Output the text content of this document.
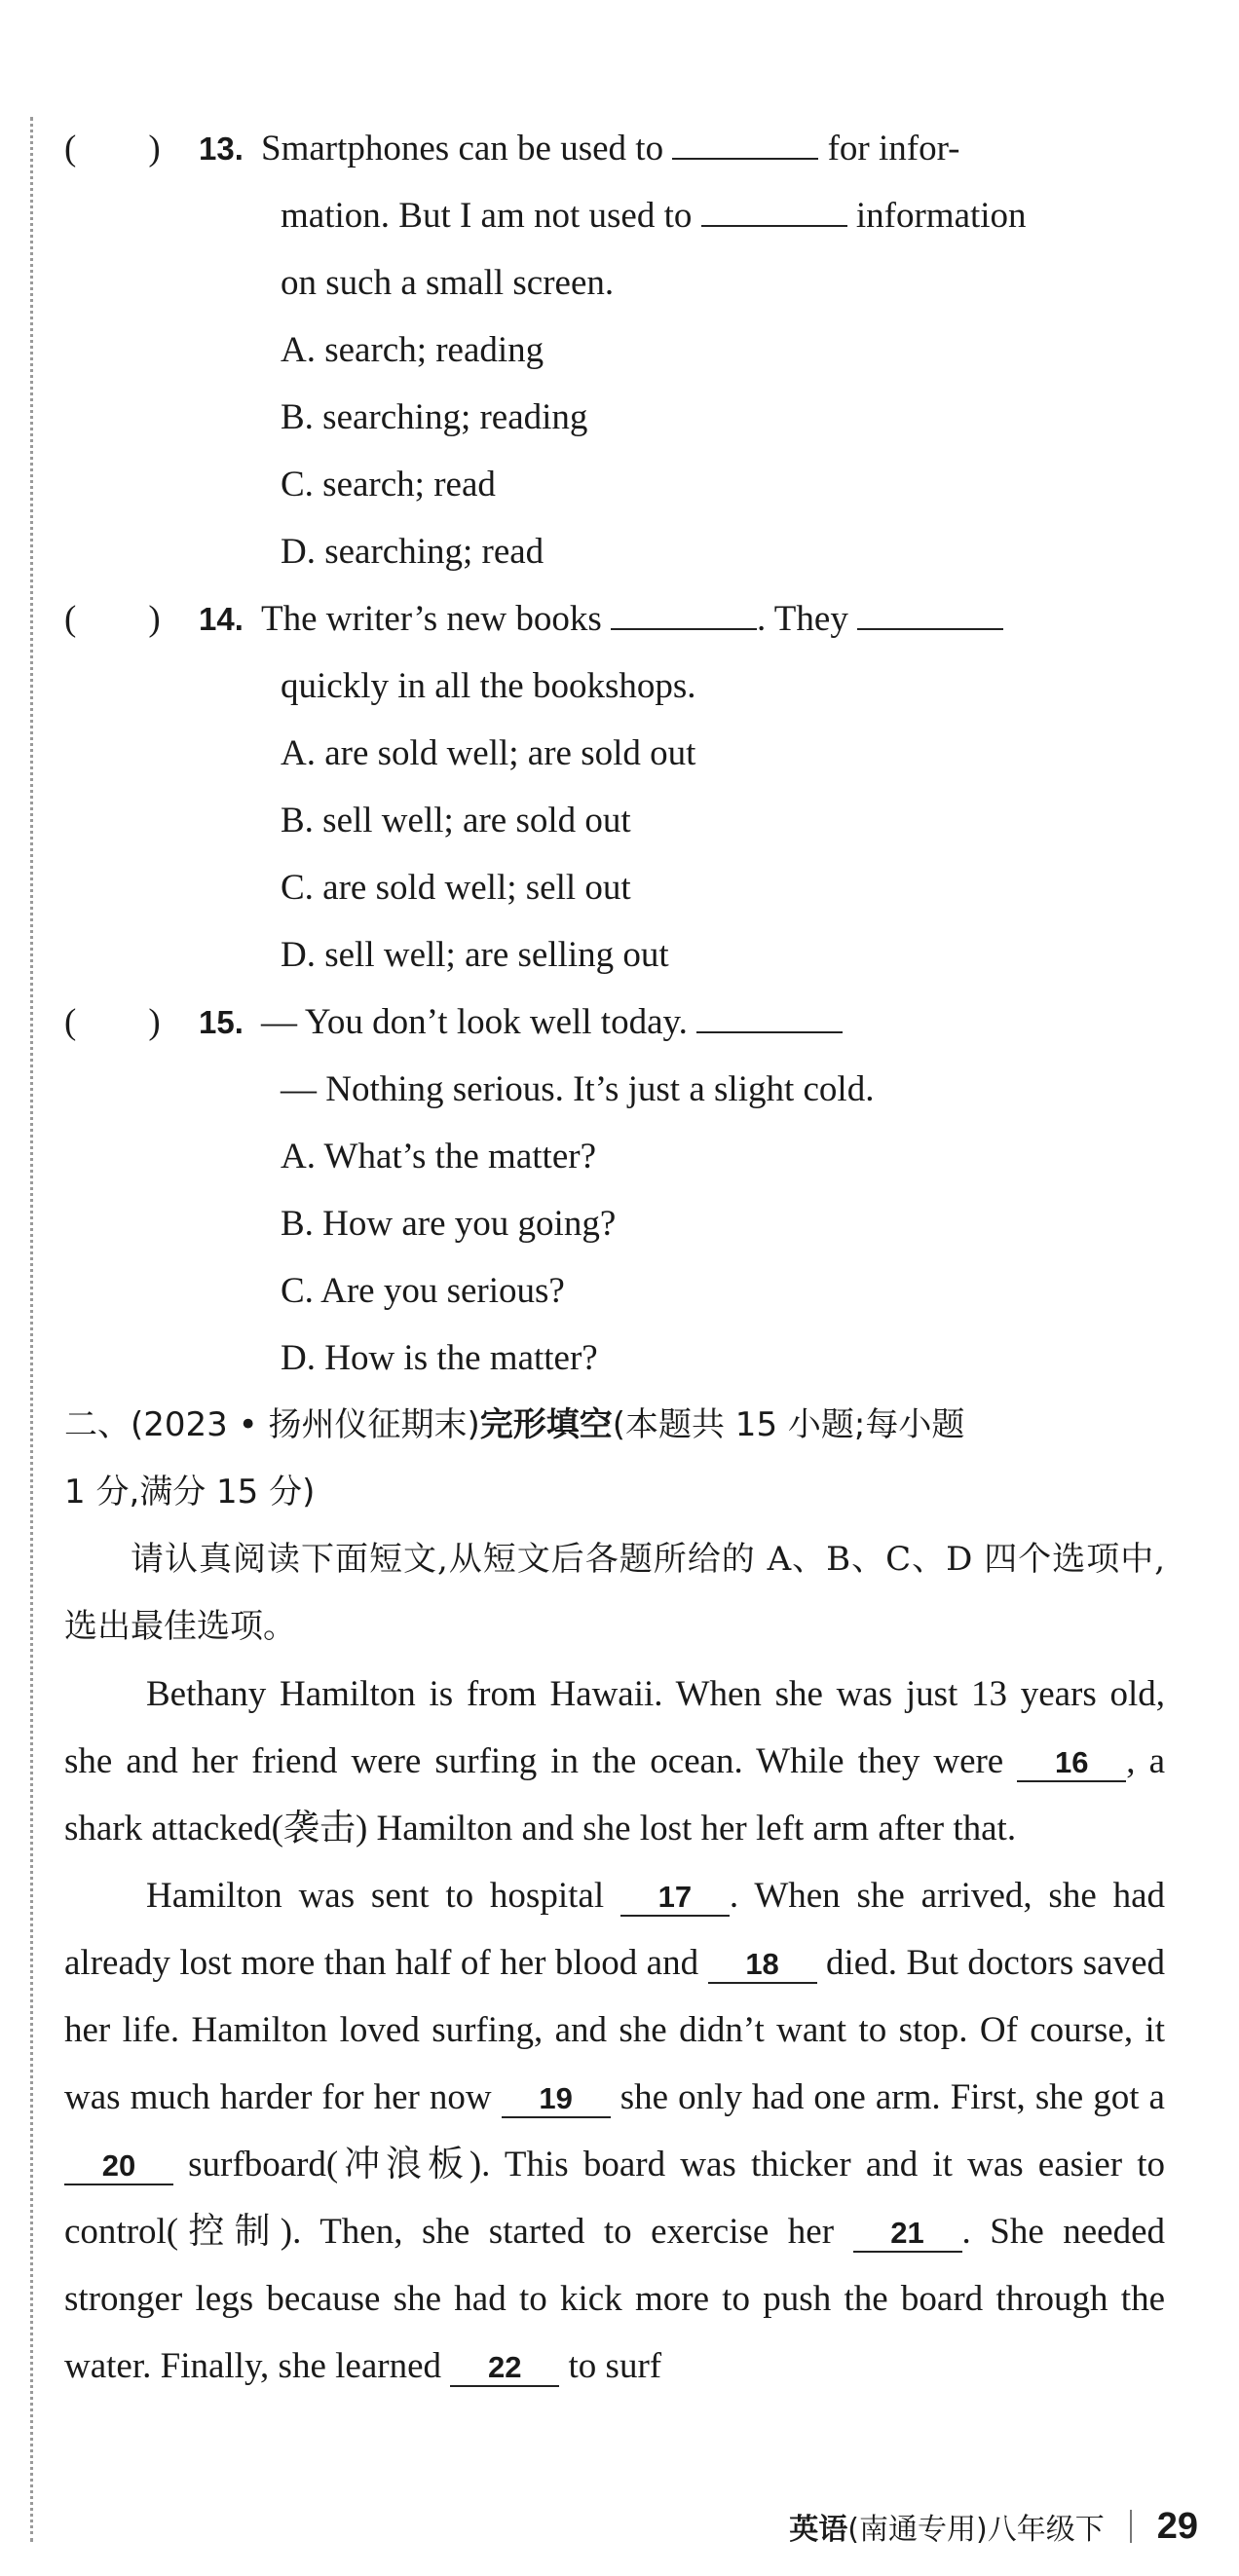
(        )	13. Smartphones can be used to	for infor-
mation. But I am not used to	information
on such a small screen.
A. search; reading
B. searching; reading
C. search; read
D. searching; read
(        )	14. The writer’s new books	. They
quickly in all the bookshops.
A. are sold well; are sold out
B. sell well; are sold out
C. are sold well; sell out
D. sell well; are selling out
(        )	15. — You don’t look well today.
— Nothing serious. It’s just a slight cold.
A. What’s the matter?
B. How are you going?
C. Are you serious?
D. How is the matter?
二、(2023 • 扬州仪征期末)完形填空(本题共 15 小题;每小题
1 分,满分 15 分)
请认真阅读下面短文,从短文后各题所给的 A、B、C、D 四个选项中,选出最佳选项。
Bethany Hamilton is from Hawaii. When she was just 13 years old, she and her friend were surfing in the ocean. While they were 16 , a shark attacked(袭击) Hamilton and she lost her left arm after that.
Hamilton was sent to hospital 17 . When she arrived, she had already lost more than half of her blood and 18 died. But doctors saved her life. Hamilton loved surfing, and she didn’t want to stop. Of course, it was much harder for her now 19 she only had one arm. First, she got a 20 surfboard(冲浪板). This board was thicker and it was easier to control(控制). Then, she started to exercise her 21 . She needed stronger legs because she had to kick more to push the board through the water. Finally, she learned 22 to surf
英语(南通专用)八年级下 29
